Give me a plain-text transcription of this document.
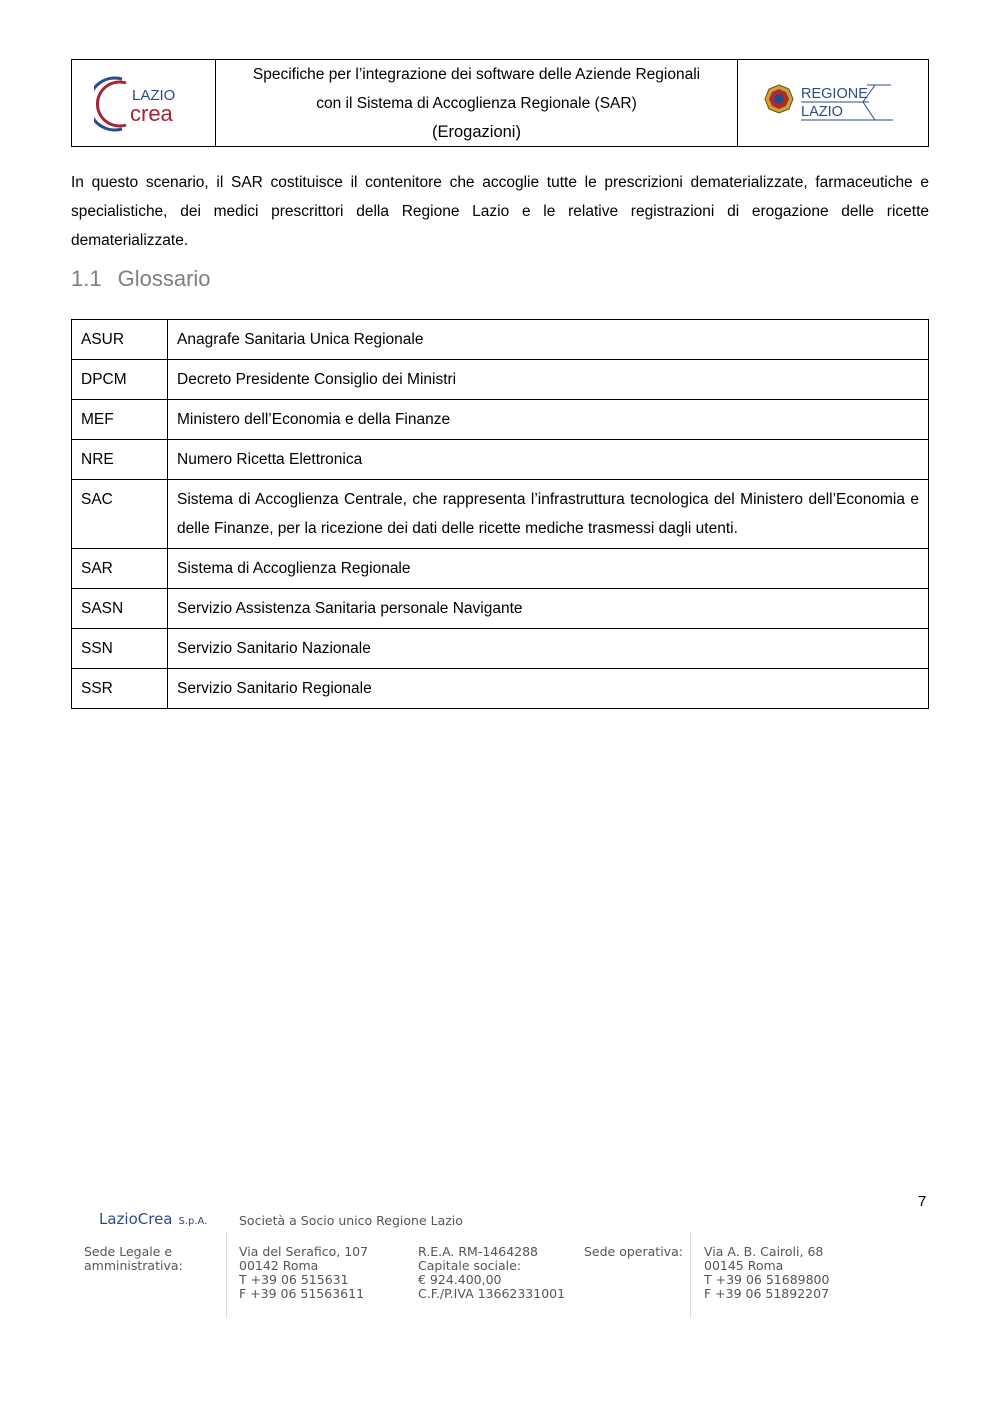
LAZIO
crea
Specifiche per l’integrazione dei software delle Aziende Regionali
con il Sistema di Accoglienza Regionale (SAR)
(Erogazioni)
REGIONE
LAZIO
In questo scenario, il SAR costituisce il contenitore che accoglie tutte le prescrizioni dematerializzate, farmaceutiche e specialistiche, dei medici prescrittori della Regione Lazio e le relative registrazioni di erogazione delle ricette dematerializzate.
1.1 Glossario
ASUR	Anagrafe Sanitaria Unica Regionale
DPCM	Decreto Presidente Consiglio dei Ministri
MEF	Ministero dell’Economia e della Finanze
NRE	Numero Ricetta Elettronica
SAC	Sistema di Accoglienza Centrale, che rappresenta l’infrastruttura tecnologica del Ministero dell’Economia e delle Finanze, per la ricezione dei dati delle ricette mediche trasmessi dagli utenti.
SAR	Sistema di Accoglienza Regionale
SASN	Servizio Assistenza Sanitaria personale Navigante
SSN	Servizio Sanitario Nazionale
SSR	Servizio Sanitario Regionale
7
LazioCrea S.p.A.	Società a Socio unico Regione Lazio
Sede Legale e
amministrativa:
Via del Serafico, 107
00142 Roma
T +39 06 515631
F +39 06 51563611
R.E.A. RM-1464288
Capitale sociale:
€ 924.400,00
C.F./P.IVA 13662331001
Sede operativa: Via A. B. Cairoli, 68
00145 Roma
T +39 06 51689800
F +39 06 51892207
